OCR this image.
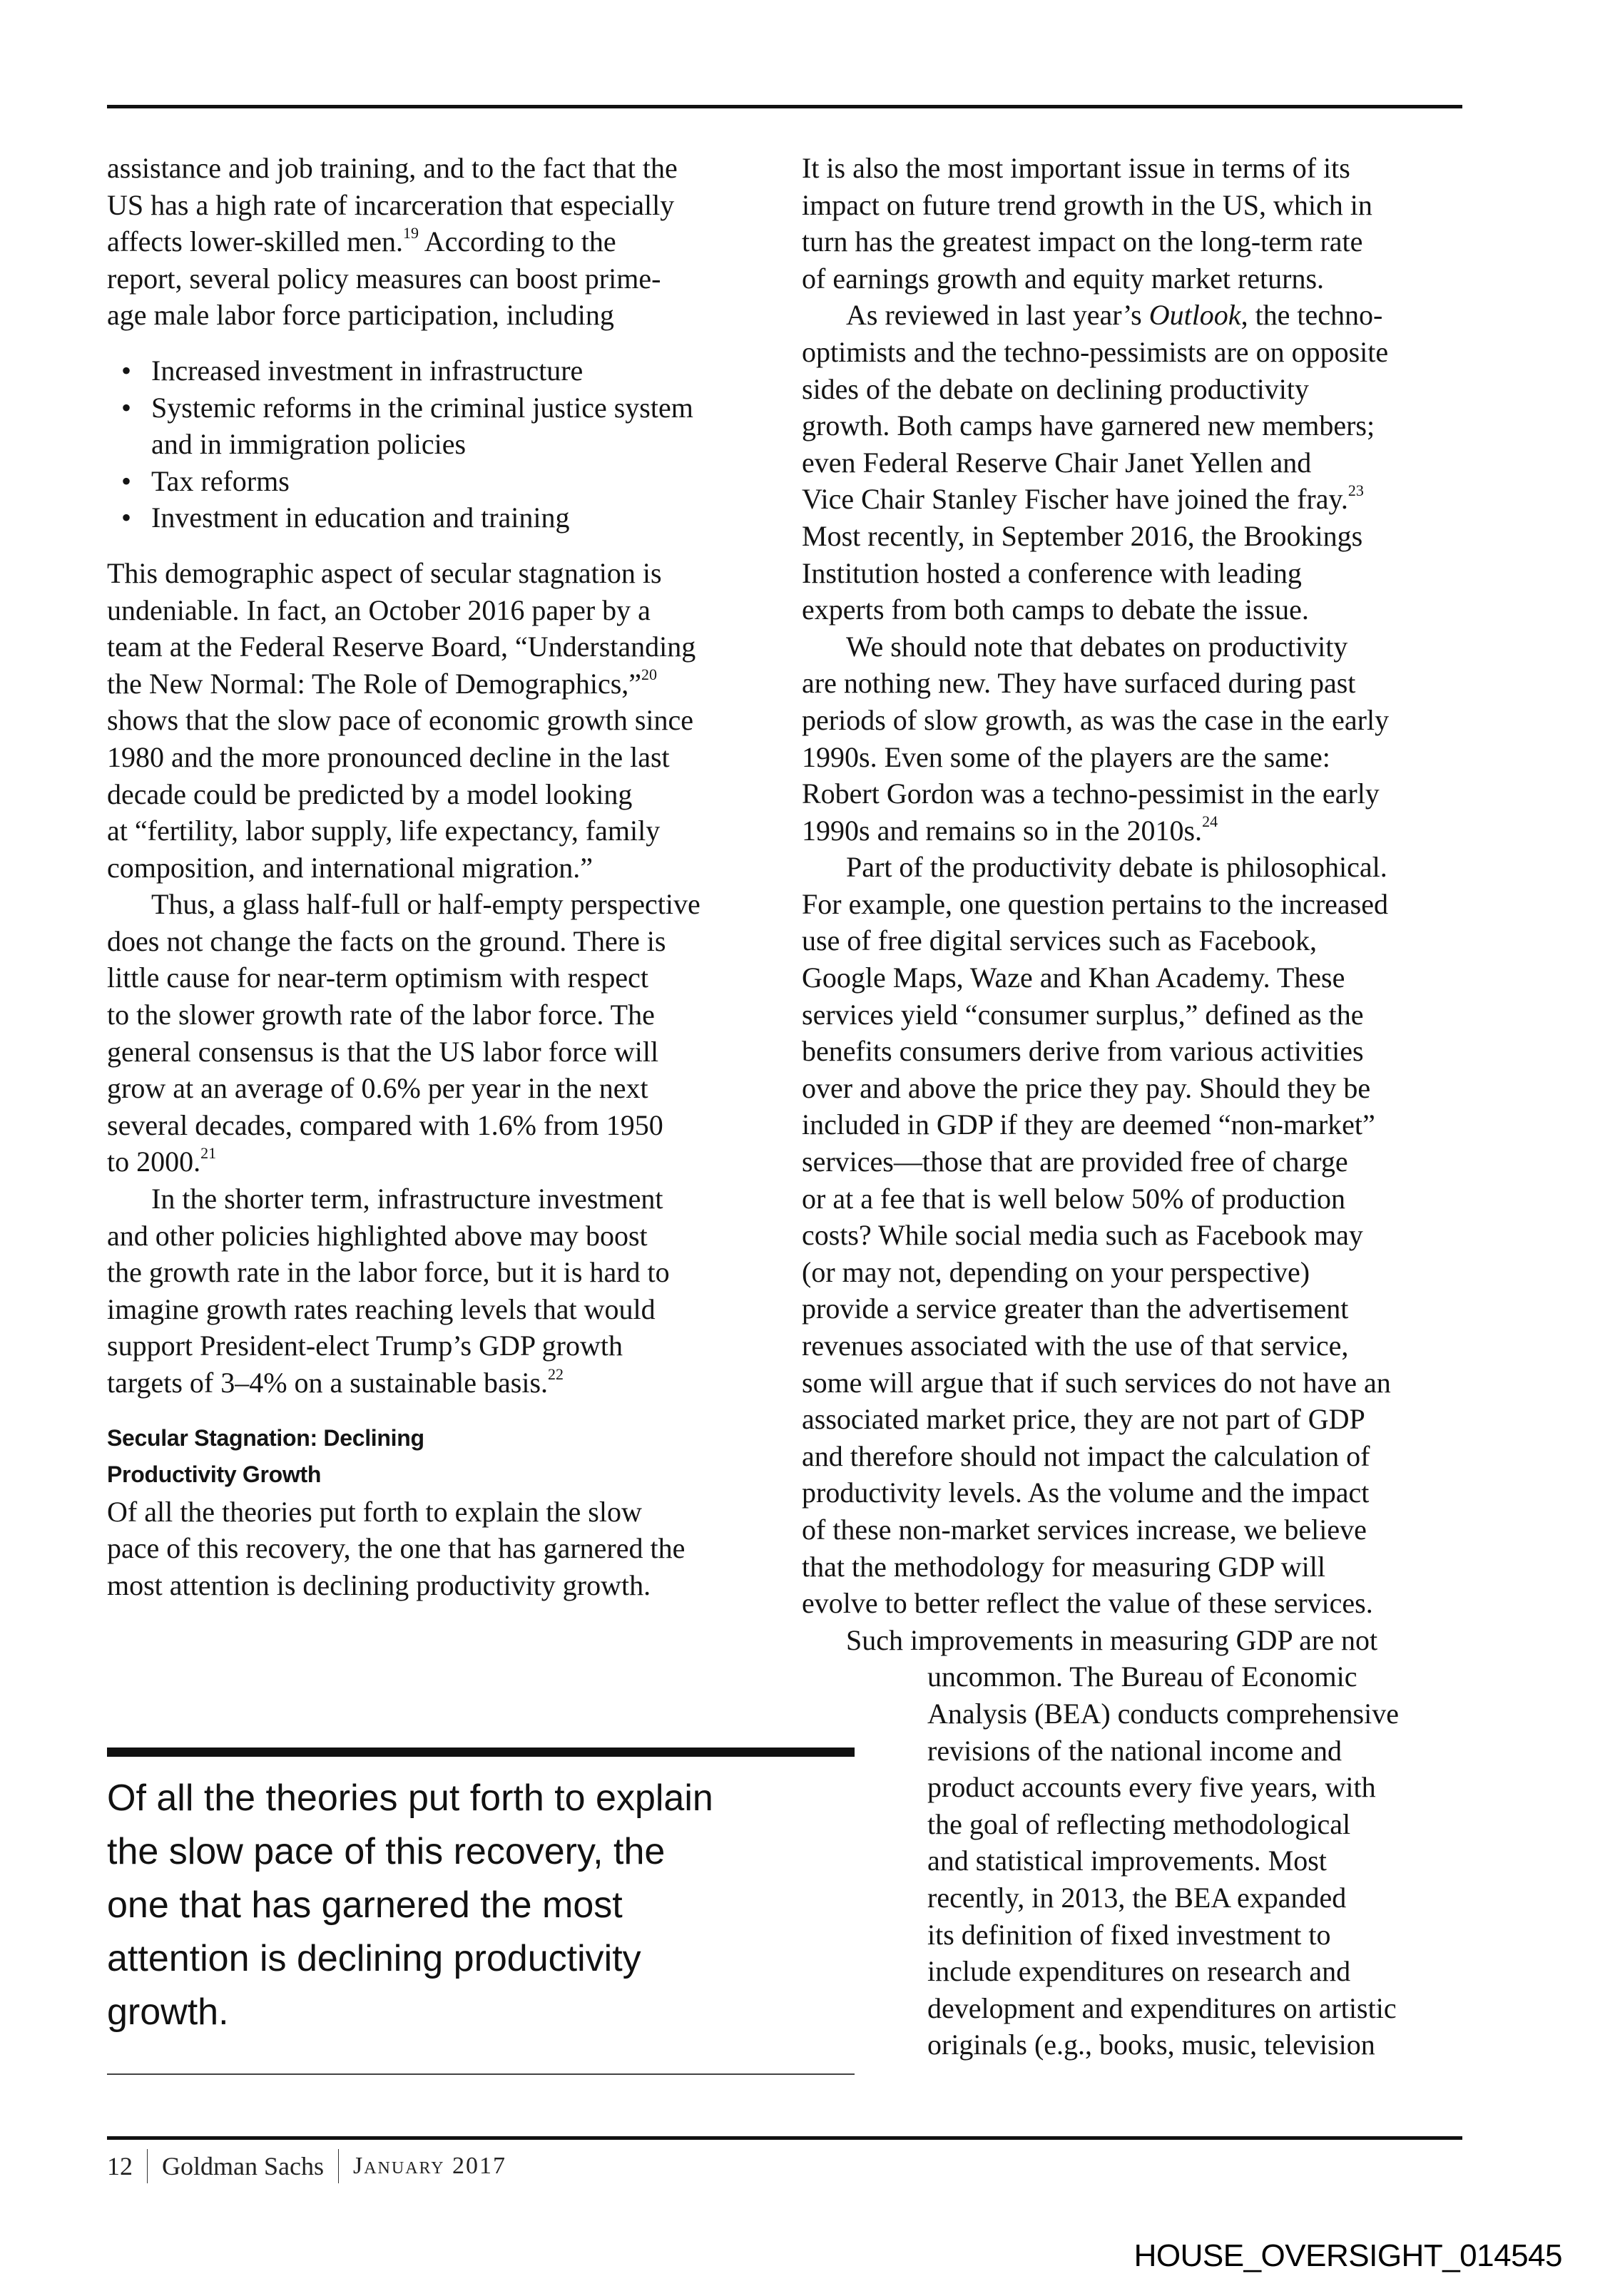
assistance and job training, and to the fact that the
US has a high rate of incarceration that especially
affects lower-skilled men.$^{19}$ According to the
report, several policy measures can boost prime-
age male labor force participation, including
• Increased investment in infrastructure
• Systemic reforms in the criminal justice system
and in immigration policies
• Tax reforms
• Investment in education and training
This demographic aspect of secular stagnation is
undeniable. In fact, an October 2016 paper by a
team at the Federal Reserve Board, “Understanding
the New Normal: The Role of Demographics,”$^{20}$
shows that the slow pace of economic growth since
1980 and the more pronounced decline in the last
decade could be predicted by a model looking
at “fertility, labor supply, life expectancy, family
composition, and international migration.”
Thus, a glass half-full or half-empty perspective
does not change the facts on the ground. There is
little cause for near-term optimism with respect
to the slower growth rate of the labor force. The
general consensus is that the US labor force will
grow at an average of 0.6% per year in the next
several decades, compared with 1.6% from 1950
to 2000.21
In the shorter term, infrastructure investment
and other policies highlighted above may boost
the growth rate in the labor force, but it is hard to
imagine growth rates reaching levels that would
support President-elect Trump’s GDP growth
targets of 3–4% on a sustainable basis.$^{22}$
Secular Stagnation: Declining
Productivity Growth
Of all the theories put forth to explain the slow
pace of this recovery, the one that has garnered the
most attention is declining productivity growth.
Of all the theories put forth to explain
the slow pace of this recovery, the
one that has garnered the most
attention is declining productivity
growth.
It is also the most important issue in terms of its
impact on future trend growth in the US, which in
turn has the greatest impact on the long-term rate
of earnings growth and equity market returns.
As reviewed in last year’s Outlook, the techno-
optimists and the techno-pessimists are on opposite
sides of the debate on declining productivity
growth. Both camps have garnered new members;
even Federal Reserve Chair Janet Yellen and
Vice Chair Stanley Fischer have joined the fray.$^{23}$
Most recently, in September 2016, the Brookings
Institution hosted a conference with leading
experts from both camps to debate the issue.
We should note that debates on productivity
are nothing new. They have surfaced during past
periods of slow growth, as was the case in the early
1990s. Even some of the players are the same:
Robert Gordon was a techno-pessimist in the early
1990s and remains so in the 2010s.$^{24}$
Part of the productivity debate is philosophical.
For example, one question pertains to the increased
use of free digital services such as Facebook,
Google Maps, Waze and Khan Academy. These
services yield “consumer surplus,” defined as the
benefits consumers derive from various activities
over and above the price they pay. Should they be
included in GDP if they are deemed “non-market”
services—those that are provided free of charge
or at a fee that is well below 50% of production
costs? While social media such as Facebook may
(or may not, depending on your perspective)
provide a service greater than the advertisement
revenues associated with the use of that service,
some will argue that if such services do not have an
associated market price, they are not part of GDP
and therefore should not impact the calculation of
productivity levels. As the volume and the impact
of these non-market services increase, we believe
that the methodology for measuring GDP will
evolve to better reflect the value of these services.
Such improvements in measuring GDP are not
uncommon. The Bureau of Economic
Analysis (BEA) conducts comprehensive
revisions of the national income and
product accounts every five years, with
the goal of reflecting methodological
and statistical improvements. Most
recently, in 2013, the BEA expanded
its definition of fixed investment to
include expenditures on research and
development and expenditures on artistic
originals (e.g., books, music, television
12 Goldman Sachs January 2017
HOUSE_OVERSIGHT_014545
